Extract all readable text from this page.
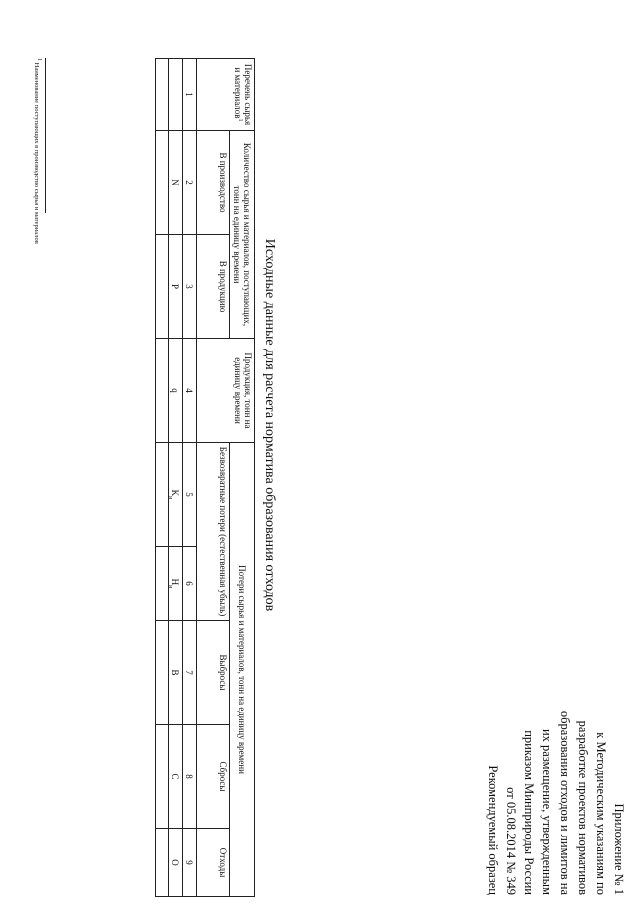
Приложение № 1
к Методическим указаниям по
разработке проектов нормативов
образования отходов и лимитов на
их размещение, утвержденным
приказом Минприроды России
от 05.08.2014 № 349
Рекомендуемый образец
Исходные данные для расчета норматива образования отходов
Перечень сырья и материалов$^1$	Количество сырья и материалов, поступающих, тонн на единицу времени		Продукция, тонн на единицу времени	Потери сырья и материалов, тонн на единицу времени				
	В производство	В продукцию		Безвозвратные потери (естественная убыль)		Выбросы	Сбросы	Отходы
1	2	3	4	5	6	7	8	9
	N	P	q	$K_н$	$Н_н$	В	С	О

$^1$ Наименование поступающих в производство сырья и материалов
